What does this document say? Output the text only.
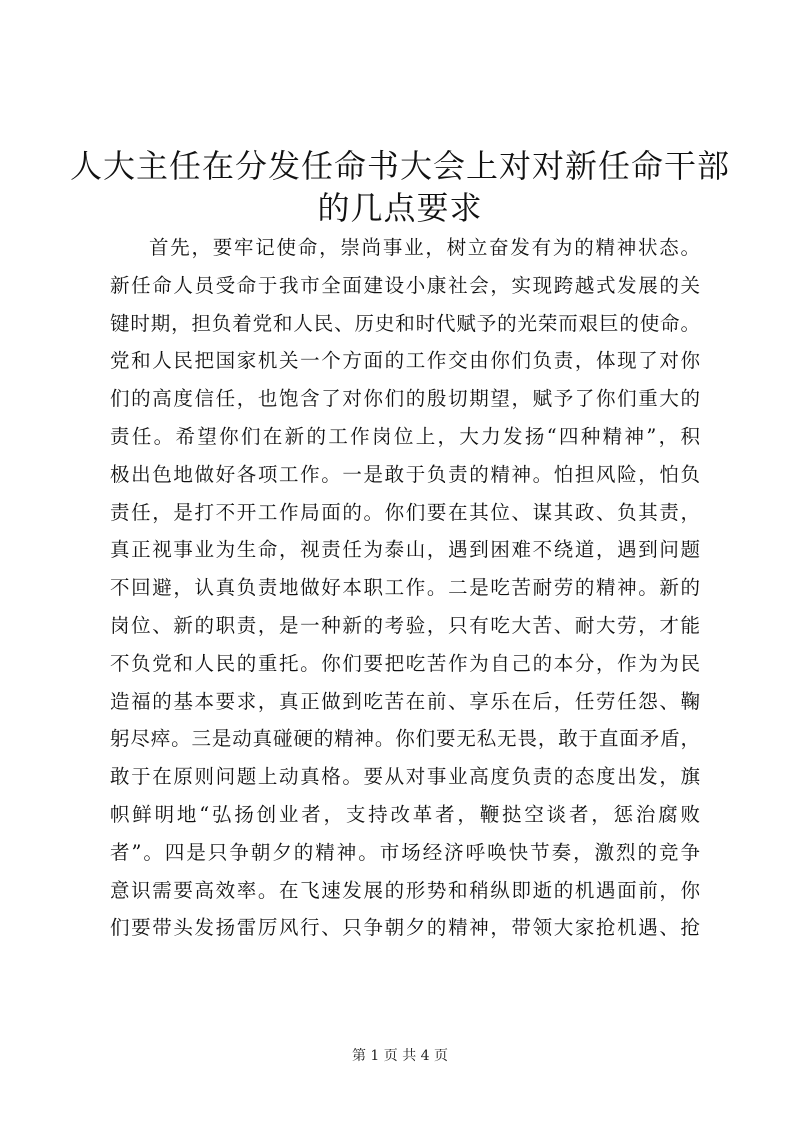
人大主任在分发任命书大会上对对新任命干部
的几点要求
首先，要牢记使命，崇尚事业，树立奋发有为的精神状态。
新任命人员受命于我市全面建设小康社会，实现跨越式发展的关
键时期，担负着党和人民、历史和时代赋予的光荣而艰巨的使命。
党和人民把国家机关一个方面的工作交由你们负责，体现了对你
们的高度信任，也饱含了对你们的殷切期望，赋予了你们重大的
责任。希望你们在新的工作岗位上，大力发扬“四种精神”，积
极出色地做好各项工作。一是敢于负责的精神。怕担风险，怕负
责任，是打不开工作局面的。你们要在其位、谋其政、负其责，
真正视事业为生命，视责任为泰山，遇到困难不绕道，遇到问题
不回避，认真负责地做好本职工作。二是吃苦耐劳的精神。新的
岗位、新的职责，是一种新的考验，只有吃大苦、耐大劳，才能
不负党和人民的重托。你们要把吃苦作为自己的本分，作为为民
造福的基本要求，真正做到吃苦在前、享乐在后，任劳任怨、鞠
躬尽瘁。三是动真碰硬的精神。你们要无私无畏，敢于直面矛盾，
敢于在原则问题上动真格。要从对事业高度负责的态度出发，旗
帜鲜明地“弘扬创业者，支持改革者，鞭挞空谈者，惩治腐败
者”。四是只争朝夕的精神。市场经济呼唤快节奏，激烈的竞争
意识需要高效率。在飞速发展的形势和稍纵即逝的机遇面前，你
们要带头发扬雷厉风行、只争朝夕的精神，带领大家抢机遇、抢
第 1 页 共 4 页
